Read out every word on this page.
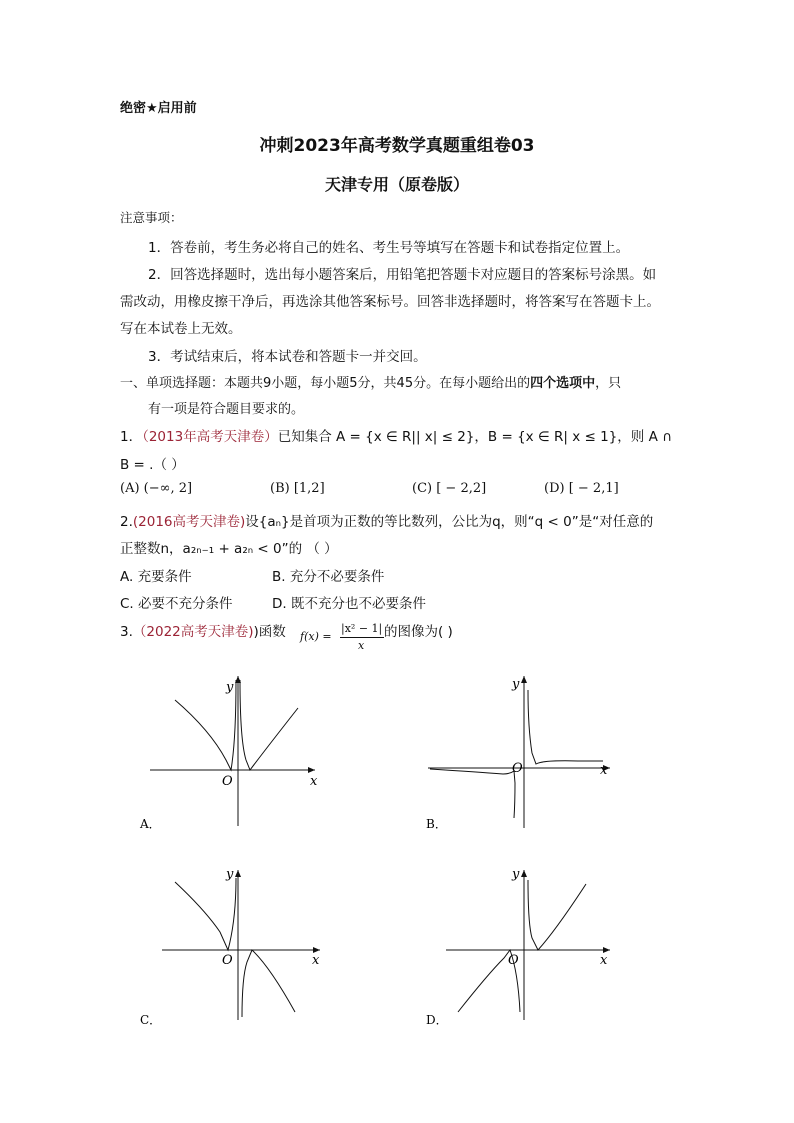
绝密★启用前
冲刺2023年高考数学真题重组卷03
天津专用（原卷版）
注意事项：
1．答卷前，考生务必将自己的姓名、考生号等填写在答题卡和试卷指定位置上。
2．回答选择题时，选出每小题答案后，用铅笔把答题卡对应题目的答案标号涂黑。如
需改动，用橡皮擦干净后，再选涂其他答案标号。回答非选择题时，将答案写在答题卡上。
写在本试卷上无效。
3．考试结束后，将本试卷和答题卡一并交回。
一、单项选择题：本题共9小题，每小题5分，共45分。在每小题给出的四个选项中，只
有一项是符合题目要求的。
1．（2013年高考天津卷）已知集合 A = {x ∈ R|| x| ≤ 2}，B = {x ∈ R| x ≤ 1}，则 A ∩
B = .（ ）
(A) (−∞, 2]	(B) [1,2]	(C) [ − 2,2]	(D) [ − 2,1]
2.(2016高考天津卷)设{aₙ}是首项为正数的等比数列，公比为q，则“q < 0”是“对任意的
正整数n，a₂ₙ₋₁ + a₂ₙ < 0”的 （ ）
A. 充要条件	B. 充分不必要条件
C. 必要不充分条件	D. 既不充分也不必要条件
3.（2022高考天津卷))函数 f(x) =
|x² − 1|
x
的图像为( )
y
x
O
A．
y
x
O
B．
y
x
O
C．
y
x
O
D．
